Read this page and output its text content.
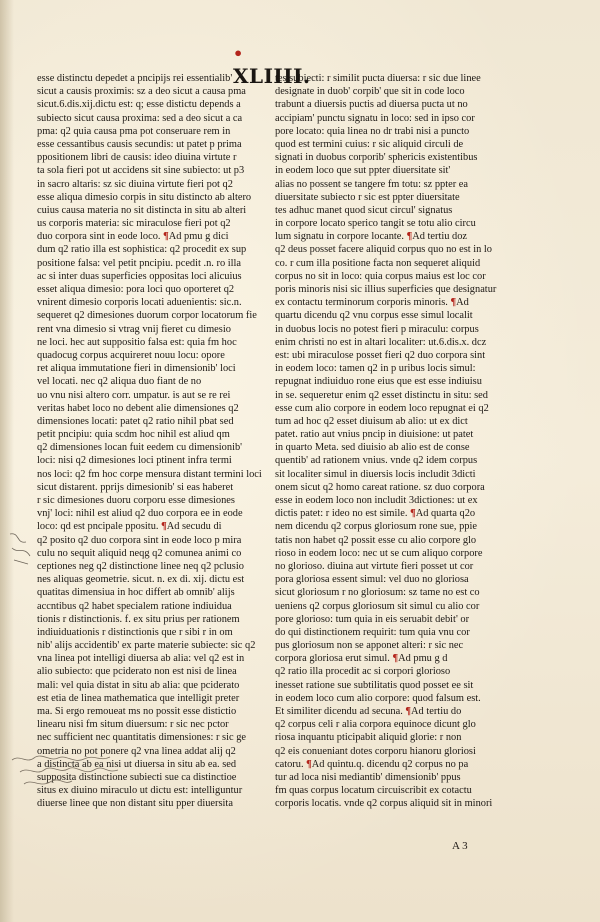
• XLIIII.
esse distinctu depedet a pncipijs rei essentialib'
sicut a causis proximis: sz a deo sicut a causa pma
sicut.6.dis.xij.dictu est: q; esse distictu depends a
subiecto sicut causa proxima: sed a deo sicut a ca
pma: q2 quia causa pma pot conseruare rem in
esse cessantibus causis secundis: ut patet p prima
ppositionem libri de causis: ideo diuina virtute r
ta sola fieri pot ut accidens sit sine subiecto: ut p3
in sacro altaris: sz sic diuina virtute fieri pot q2
esse aliqua dimesio corpis in situ distincto ab altero
cuius causa materia no sit distincta in situ ab alteri
us corporis materia: sic miraculose fieri pot q2
duo corpora sint in eode loco. ¶Ad pmu g dici
dum q2 ratio illa est sophistica: q2 procedit ex sup
positione falsa: vel petit pncipiu. pcedit .n. ro illa
ac si inter duas superficies oppositas loci alicuius
esset aliqua dimesio: pora loci quo oporteret q2
vnirent dimesio corporis locati aduenientis: sic.n.
sequeret q2 dimesiones duorum corpor locatorum fie
rent vna dimesio si vtrag vnij fieret cu dimesio
ne loci. hec aut suppositio falsa est: quia fm hoc
quadocug corpus acquireret nouu locu: opore
ret aliqua immutatione fieri in dimensionib' loci
vel locati. nec q2 aliqua duo fiant de no
uo vnu nisi altero corr. umpatur. is aut se re rei
veritas habet loco no debent alie dimensiones q2
dimensiones locati: patet q2 ratio nihil pbat sed
petit pncipiu: quia scdm hoc nihil est aliud qm
q2 dimensiones locan fuit eedem cu dimensionib'
loci: nisi q2 dimesiones loci ptinent infra termi
nos loci: q2 fm hoc corpe mensura distant termini loci
sicut distarent. pprijs dimesionib' si eas haberet
r sic dimesiones duoru corporu esse dimesiones
vnj' loci: nihil est aliud q2 duo corpora ee in eode
loco: qd est pncipale ppositu. ¶Ad secudu di
q2 posito q2 duo corpora sint in eode loco p mira
culu no sequit aliquid neqg q2 comunea animi co
ceptiones neg q2 distinctione linee neq q2 pclusio
nes aliquas geometrie. sicut. n. ex di. xij. dictu est
quatitas dimensiua in hoc differt ab omnib' alijs
accntibus q2 habet specialem ratione indiuidua
tionis r distinctionis. f. ex situ prius per rationem
indiuiduationis r distinctionis que r sibi r in om
nib' alijs accidentib' ex parte materie subiecte: sic q2
vna linea pot intelligi diuersa ab alia: vel q2 est in
alio subiecto: que pciderato non est nisi de linea
mali: vel quia distat in situ ab alia: que pciderato
est etia de linea mathematica que intelligit preter
ma. Si ergo remoueat ms no possit esse distictio
linearu nisi fm situm diuersum: r sic nec pctor
nec sufficient nec quantitatis dimensiones: r sic ge
ometria no pot ponere q2 vna linea addat alij q2
a distincta ab ea nisi ut diuersa in situ ab ea. sed
supposita distinctione subiecti sue ca distinctioe
situs ex diuino miraculo ut dictu est: intelliguntur
diuerse linee que non distant situ pper diuersita
tes subiecti: r similit pucta diuersa: r sic due linee
designate in duob' corpib' que sit in code loco
trabunt a diuersis puctis ad diuersa pucta ut no
accipiam' punctu signatu in loco: sed in ipso cor
pore locato: quia linea no dr trabi nisi a puncto
quod est termini cuius: r sic aliquid circuli de
signati in duobus corporib' sphericis existentibus
in eodem loco que sut ppter diuersitate sit'
alias no possent se tangere fm totu: sz ppter ea
diuersitate subiecto r sic est ppter diuersitate
tes adhuc manet quod sicut circul' signatus
in corpore locato sperico tangit se totu alio circu
lum signatu in corpore locante. ¶Ad tertiu doz
q2 deus posset facere aliquid corpus quo no est in lo
co. r cum illa positione facta non sequeret aliquid
corpus no sit in loco: quia corpus maius est loc cor
poris minoris nisi sic illius superficies que designatur
ex contactu terminorum corporis minoris. ¶Ad
quartu dicendu q2 vnu corpus esse simul localit
in duobus locis no potest fieri p miraculu: corpus
enim christi no est in altari localiter: ut.6.dis.x. dcz
est: ubi miraculose posset fieri q2 duo corpora sint
in eodem loco: tamen q2 in p uribus locis simul:
repugnat indiuiduo rone eius que est esse indiuisu
in se. sequeretur enim q2 esset distinctu in situ: sed
esse cum alio corpore in eodem loco repugnat ei q2
tum ad hoc q2 esset diuisum ab alio: ut ex dict
patet. ratio aut vnius pncip in diuisione: ut patet
in quarto Meta. sed diuisio ab alio est de conse
quentib' ad rationem vnius. vnde q2 idem corpus
sit localiter simul in diuersis locis includit 3dicti
onem sicut q2 homo careat ratione. sz duo corpora
esse in eodem loco non includit 3dictiones: ut ex
dictis patet: r ideo no est simile. ¶Ad quarta q2o
nem dicendu q2 corpus gloriosum rone sue, ppie
tatis non habet q2 possit esse cu alio corpore glo
rioso in eodem loco: nec ut se cum aliquo corpore
no glorioso. diuina aut virtute fieri posset ut cor
pora gloriosa essent simul: vel duo no gloriosa
sicut gloriosum r no gloriosum: sz tame no est co
ueniens q2 corpus gloriosum sit simul cu alio cor
pore glorioso: tum quia in eis seruabit debit' or
do qui distinctionem requirit: tum quia vnu cor
pus gloriosum non se apponet alteri: r sic nec
corpora gloriosa erut simul. ¶Ad pmu g d
q2 ratio illa procedit ac si corpori glorioso
inesset ratione sue subtilitatis quod posset ee sit
in eodem loco cum alio corpore: quod falsum est.
Et similiter dicendu ad secuna. ¶Ad tertiu do
q2 corpus celi r alia corpora equinoce dicunt glo
riosa inquantu pticipabit aliquid glorie: r non
q2 eis conueniant dotes corporu hianoru gloriosi
catoru. ¶Ad quintu.q. dicendu q2 corpus no pa
tur ad loca nisi mediantib' dimensionib' ppus
fm quas corpus locatum circuiscribit ex cotactu
corporis locatis. vnde q2 corpus aliquid sit in minori
A 3
